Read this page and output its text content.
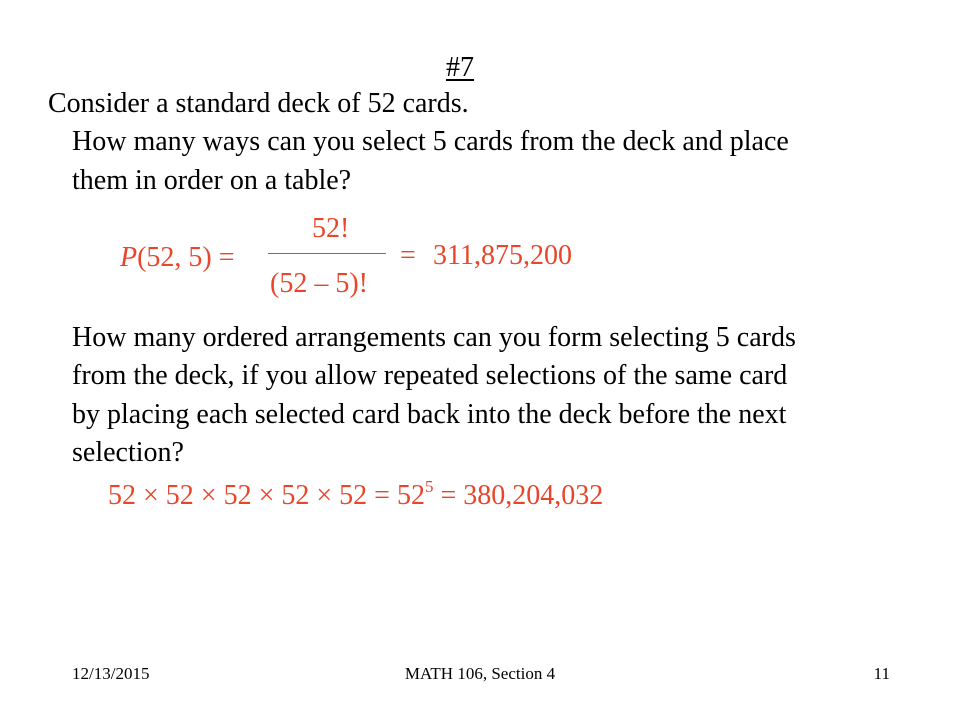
#7
Consider a standard deck of 52 cards.
How many ways can you select 5 cards from the deck and place
them in order on a table?
P(52, 5) =
52!
(52 – 5)!
= 311,875,200
How many ordered arrangements can you form selecting 5 cards
from the deck, if you allow repeated selections of the same card
by placing each selected card back into the deck before the next
selection?
$52 \times 52 \times 52 \times 52 \times 52 = 52^5 = 380,204,032$
12/13/2015	MATH 106, Section 4	11
